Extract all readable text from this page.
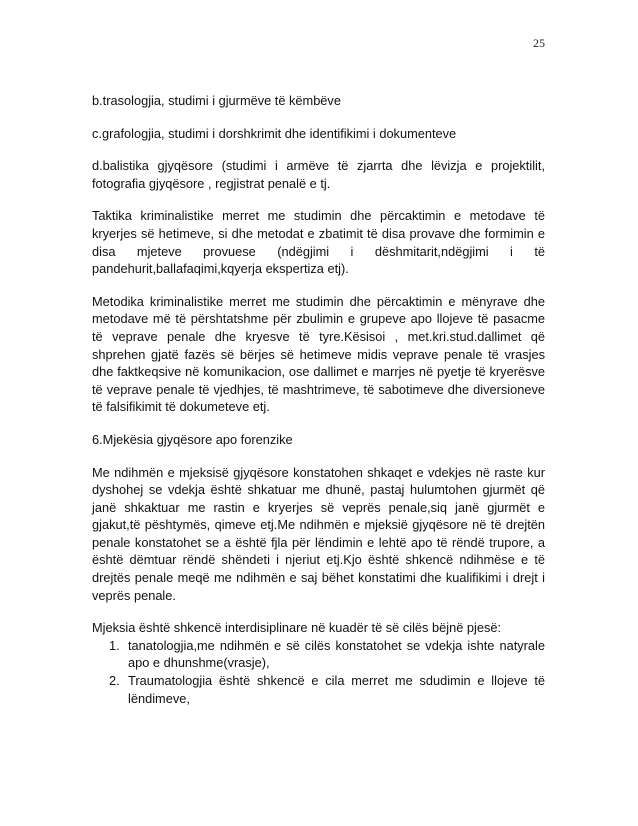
25

b.trasologjia, studimi i gjurmëve të këmbëve

c.grafologjia, studimi i dorshkrimit dhe identifikimi i dokumenteve

d.balistika gjyqësore (studimi i armëve të zjarrta dhe lëvizja e projektilit, fotografia gjyqësore , regjistrat penalë e tj.

Taktika kriminalistike merret me studimin dhe përcaktimin e metodave të kryerjes së hetimeve, si dhe metodat e zbatimit të disa provave dhe formimin e disa mjeteve provuese (ndëgjimi i dëshmitarit,ndëgjimi i të pandehurit,ballafaqimi,kqyerja ekspertiza etj).

Metodika kriminalistike merret me studimin dhe përcaktimin e mënyrave dhe metodave më të përshtatshme për zbulimin e grupeve apo llojeve të pasacme të veprave penale dhe kryesve të tyre.Kësisoi , met.kri.stud.dallimet që shprehen gjatë fazës së bërjes së hetimeve midis veprave penale të vrasjes dhe faktkeqsive në komunikacion, ose dallimet e marrjes në pyetje të kryerësve të veprave penale të vjedhjes, të mashtrimeve, të sabotimeve dhe diversioneve të falsifikimit të dokumeteve etj.

6.Mjekësia gjyqësore apo forenzike

Me ndihmën e mjeksisë gjyqësore konstatohen shkaqet e vdekjes në raste kur dyshohej se vdekja është shkatuar me dhunë, pastaj hulumtohen gjurmët që janë shkaktuar me rastin e kryerjes së veprës penale,siq janë gjurmët e gjakut,të pështymës, qimeve etj.Me ndihmën e mjeksië gjyqësore në të drejtën penale konstatohet se a është fjla për lëndimin e lehtë apo të rëndë trupore, a është dëmtuar rëndë shëndeti i njeriut etj.Kjo është shkencë ndihmëse e të drejtës penale meqë me ndihmën e saj bëhet konstatimi dhe kualifikimi i drejt i veprës penale.

Mjeksia është shkencë interdisiplinare në kuadër të së cilës bëjnë pjesë:

1. tanatologjia,me ndihmën e së cilës konstatohet se vdekja ishte natyrale apo e dhunshme(vrasje),
2. Traumatologjia është shkencë e cila merret me sdudimin e llojeve të lëndimeve,
